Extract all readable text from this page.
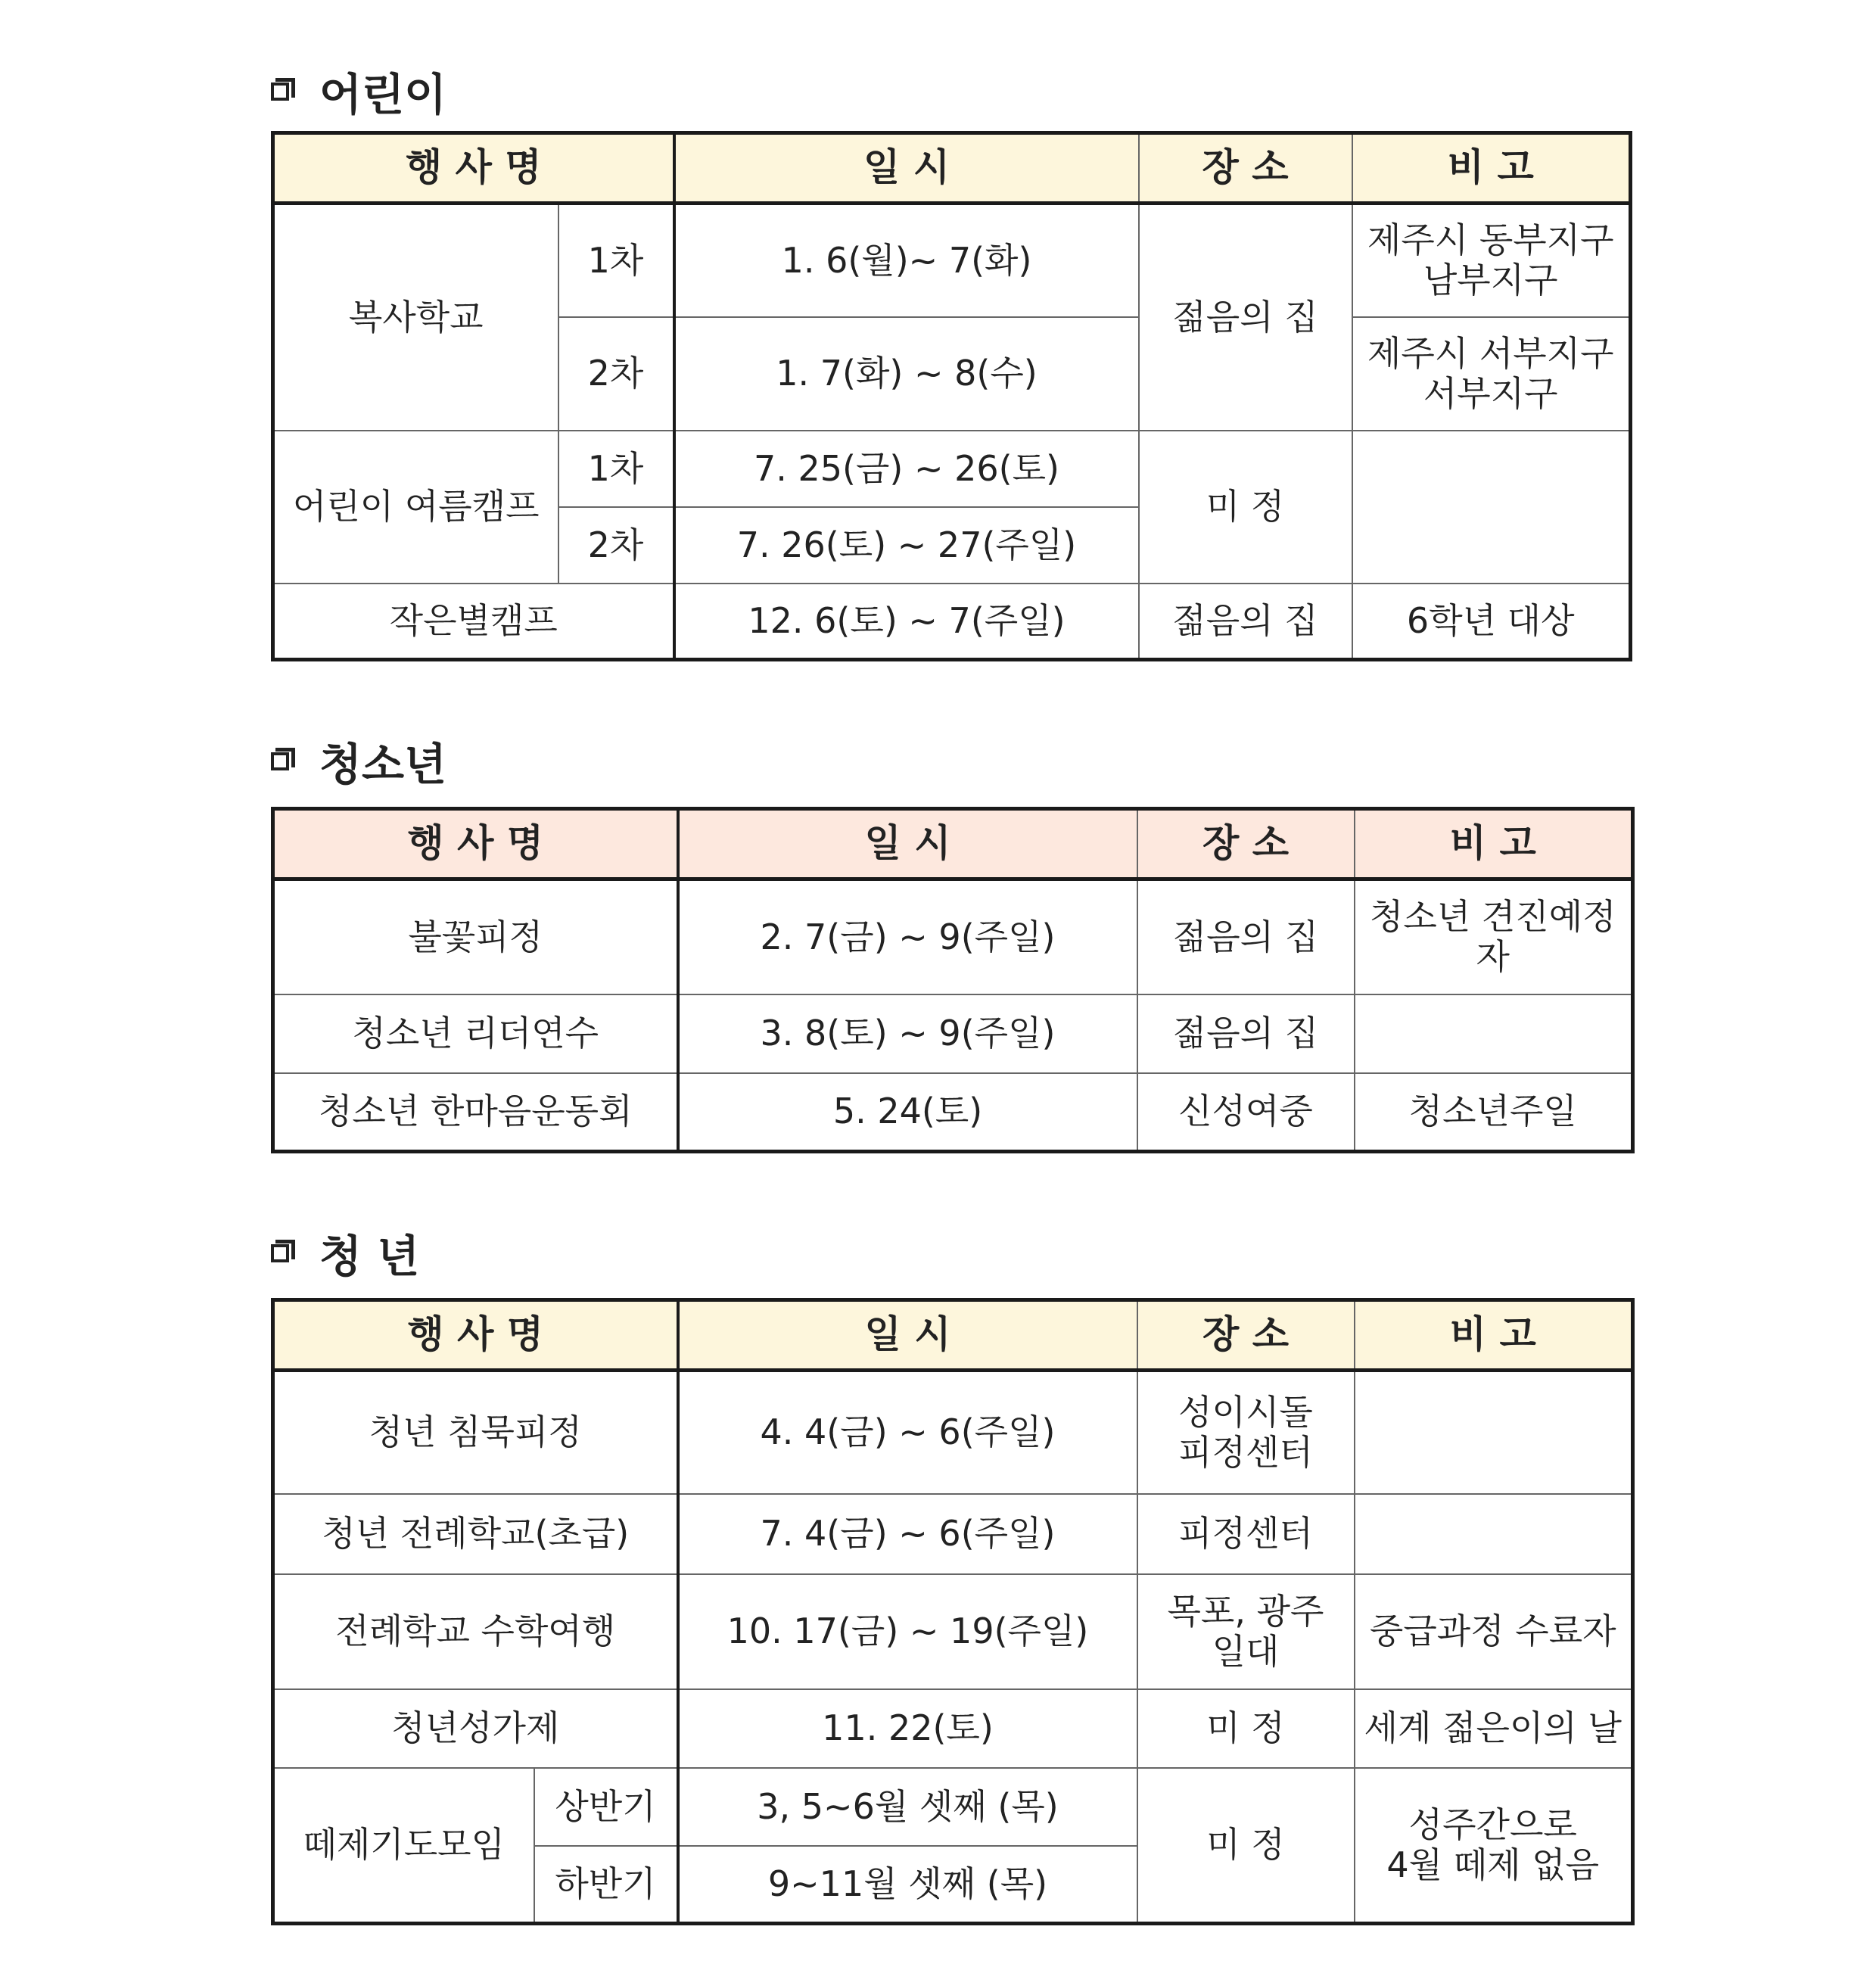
어린이
행 사 명		일 시	장 소	비 고
복사학교	1차	1. 6(월)~ 7(화)	젊음의 집	제주시 동부지구
남부지구
	2차	1. 7(화) ~ 8(수)		제주시 서부지구
서부지구
어린이 여름캠프	1차	7. 25(금) ~ 26(토)	미 정	
	2차	7. 26(토) ~ 27(주일)		
작은별캠프		12. 6(토) ~ 7(주일)	젊음의 집	6학년 대상
청소년
행 사 명	일 시	장 소	비 고
불꽃피정	2. 7(금) ~ 9(주일)	젊음의 집	청소년 견진예정자
청소년 리더연수	3. 8(토) ~ 9(주일)	젊음의 집	
청소년 한마음운동회	5. 24(토)	신성여중	청소년주일
청 년
행 사 명		일 시	장 소	비 고
청년 침묵피정		4. 4(금) ~ 6(주일)	성이시돌
피정센터	
청년 전례학교(초급)		7. 4(금) ~ 6(주일)	피정센터	
전례학교 수학여행		10. 17(금) ~ 19(주일)	목포, 광주
일대	중급과정 수료자
청년성가제		11. 22(토)	미 정	세계 젊은이의 날
떼제기도모임	상반기	3, 5~6월 셋째 (목)	미 정	성주간으로
4월 떼제 없음
	하반기	9~11월 셋째 (목)		
